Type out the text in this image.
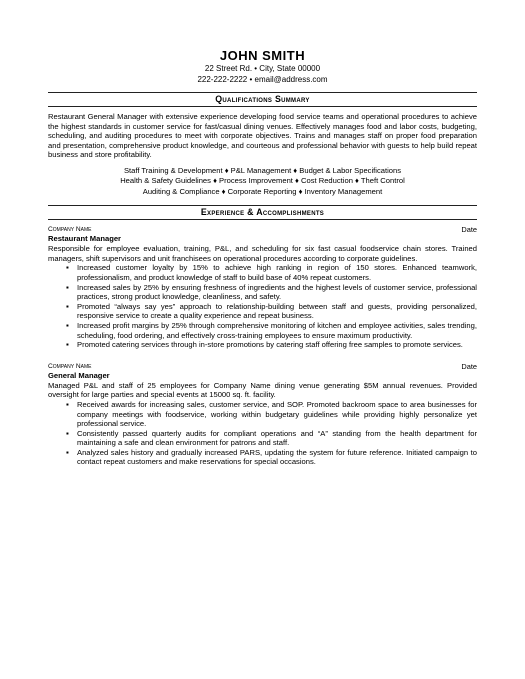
JOHN SMITH
22 Street Rd. • City, State 00000
222-222-2222 • email@address.com
Qualifications Summary

Restaurant General Manager with extensive experience developing food service teams and operational procedures to achieve the highest standards in customer service for fast/casual dining venues. Effectively manages food and labor costs, budgeting, scheduling, and auditing procedures to meet with corporate objectives. Trains and manages staff on proper food preparation and presentation, comprehensive product knowledge, and courteous and professional behavior with guests to help build repeat business and store profitability.

Staff Training & Development ♦ P&L Management ♦ Budget & Labor Specifications
Health & Safety Guidelines ♦ Process Improvement ♦ Cost Reduction ♦ Theft Control
Auditing & Compliance ♦ Corporate Reporting ♦ Inventory Management
Experience & Accomplishments
Company Name	Date
Restaurant Manager

Responsible for employee evaluation, training, P&L, and scheduling for six fast casual foodservice chain stores. Trained managers, shift supervisors and unit franchisees on operational procedures according to corporate guidelines.

▪ Increased customer loyalty by 15% to achieve high ranking in region of 150 stores. Enhanced teamwork, professionalism, and product knowledge of staff to build base of 40% repeat customers.
▪ Increased sales by 25% by ensuring freshness of ingredients and the highest levels of customer service, professional practices, strong product knowledge, cleanliness, and safety.
▪ Promoted “always say yes” approach to relationship-building between staff and guests, providing personalized, responsive service to create a quality experience and repeat business.
▪ Increased profit margins by 25% through comprehensive monitoring of kitchen and employee activities, sales trending, scheduling, food ordering, and effectively cross-training employees to ensure maximum productivity.
▪ Promoted catering services through in-store promotions by catering staff offering free samples to promote services.
Company Name	Date
General Manager

Managed P&L and staff of 25 employees for Company Name dining venue generating $5M annual revenues. Provided oversight for large parties and special events at 15000 sq. ft. facility.

▪ Received awards for increasing sales, customer service, and SOP. Promoted backroom space to area businesses for company meetings with foodservice, working within budgetary guidelines while providing highly personalize yet professional service.
▪ Consistently passed quarterly audits for compliant operations and “A” standing from the health department for maintaining a safe and clean environment for patrons and staff.
▪ Analyzed sales history and gradually increased PARS, updating the system for future reference. Initiated campaign to contact repeat customers and make reservations for special occasions.
